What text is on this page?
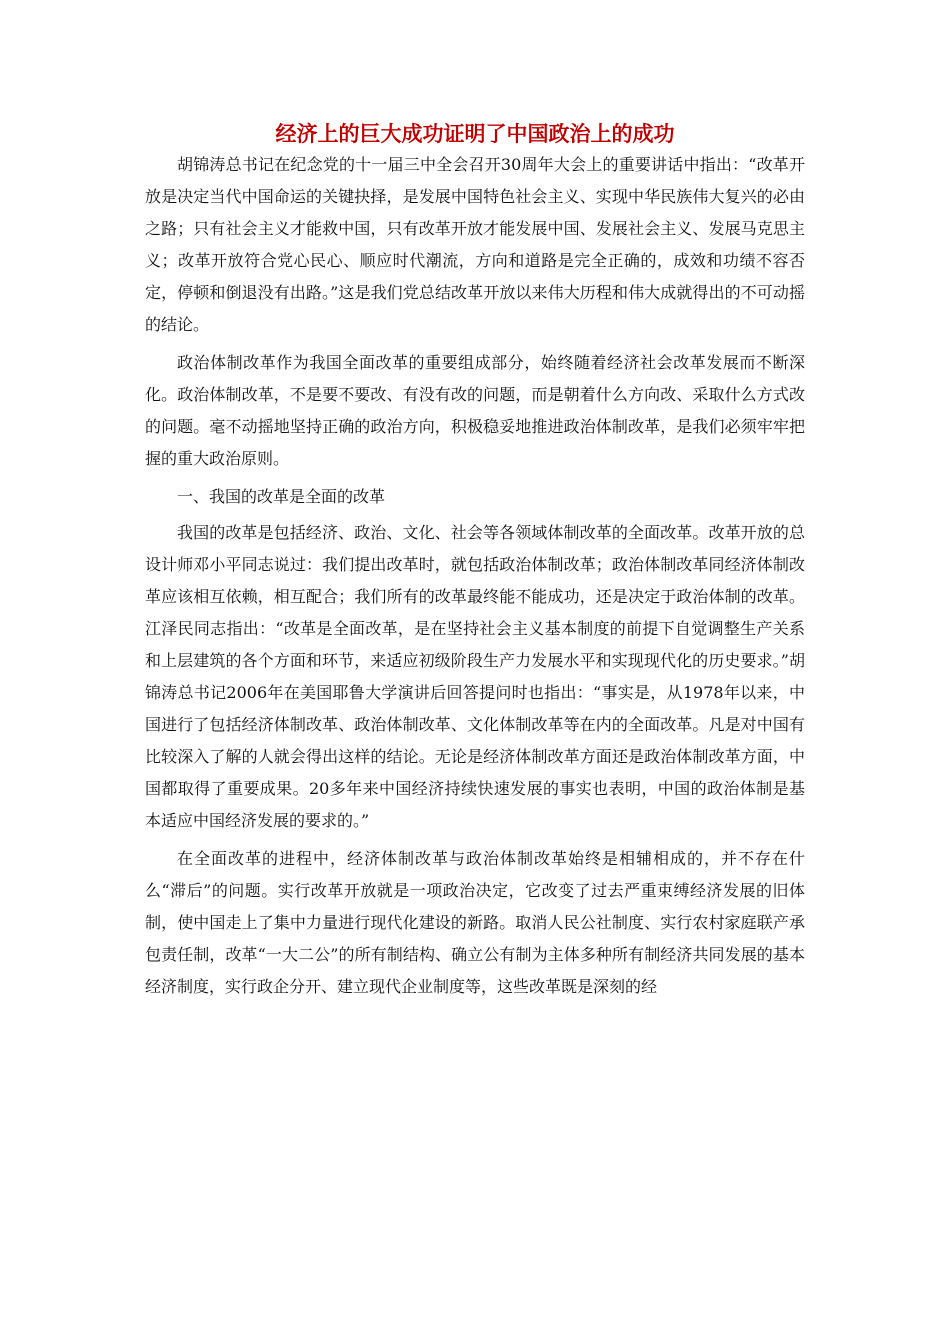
经济上的巨大成功证明了中国政治上的成功

胡锦涛总书记在纪念党的十一届三中全会召开30周年大会上的重要讲话中指出：“改革开放是决定当代中国命运的关键抉择，是发展中国特色社会主义、实现中华民族伟大复兴的必由之路；只有社会主义才能救中国，只有改革开放才能发展中国、发展社会主义、发展马克思主义；改革开放符合党心民心、顺应时代潮流，方向和道路是完全正确的，成效和功绩不容否定，停顿和倒退没有出路。”这是我们党总结改革开放以来伟大历程和伟大成就得出的不可动摇的结论。

政治体制改革作为我国全面改革的重要组成部分，始终随着经济社会改革发展而不断深化。政治体制改革，不是要不要改、有没有改的问题，而是朝着什么方向改、采取什么方式改的问题。毫不动摇地坚持正确的政治方向，积极稳妥地推进政治体制改革，是我们必须牢牢把握的重大政治原则。

一、我国的改革是全面的改革

我国的改革是包括经济、政治、文化、社会等各领域体制改革的全面改革。改革开放的总设计师邓小平同志说过：我们提出改革时，就包括政治体制改革；政治体制改革同经济体制改革应该相互依赖，相互配合；我们所有的改革最终能不能成功，还是决定于政治体制的改革。江泽民同志指出：“改革是全面改革，是在坚持社会主义基本制度的前提下自觉调整生产关系和上层建筑的各个方面和环节，来适应初级阶段生产力发展水平和实现现代化的历史要求。”胡锦涛总书记2006年在美国耶鲁大学演讲后回答提问时也指出：“事实是，从1978年以来，中国进行了包括经济体制改革、政治体制改革、文化体制改革等在内的全面改革。凡是对中国有比较深入了解的人就会得出这样的结论。无论是经济体制改革方面还是政治体制改革方面，中国都取得了重要成果。20多年来中国经济持续快速发展的事实也表明，中国的政治体制是基本适应中国经济发展的要求的。”

在全面改革的进程中，经济体制改革与政治体制改革始终是相辅相成的，并不存在什么“滞后”的问题。实行改革开放就是一项政治决定，它改变了过去严重束缚经济发展的旧体制，使中国走上了集中力量进行现代化建设的新路。取消人民公社制度、实行农村家庭联产承包责任制，改革“一大二公”的所有制结构、确立公有制为主体多种所有制经济共同发展的基本经济制度，实行政企分开、建立现代企业制度等，这些改革既是深刻的经
